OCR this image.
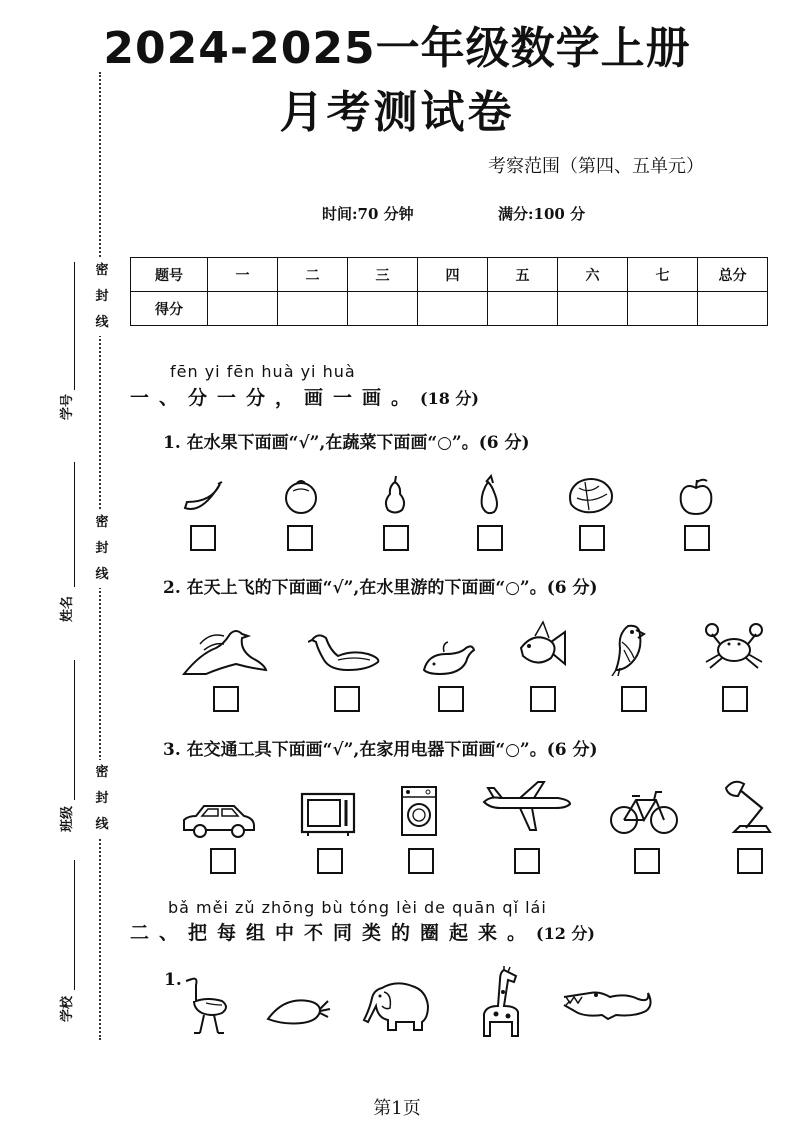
2024-2025一年级数学上册
月考测试卷
考察范围（第四、五单元）
时间:70 分钟	满分:100 分
题号	一	二	三	四	五	六	七	总分
得分								
密
封
线
密
封
线
密
封
线
学号
姓名
班级
学校
fēn yi fēn huà yi huà
一、分一分，画一画。(18 分)
1. 在水果下面画“√”,在蔬菜下面画“○”。(6 分)
2. 在天上飞的下面画“√”,在水里游的下面画“○”。(6 分)
3. 在交通工具下面画“√”,在家用电器下面画“○”。(6 分)
bǎ měi zǔ zhōng bù tóng lèi de quān qǐ lái
二、把每组中不同类的圈起来。(12 分)
1.
第1页
